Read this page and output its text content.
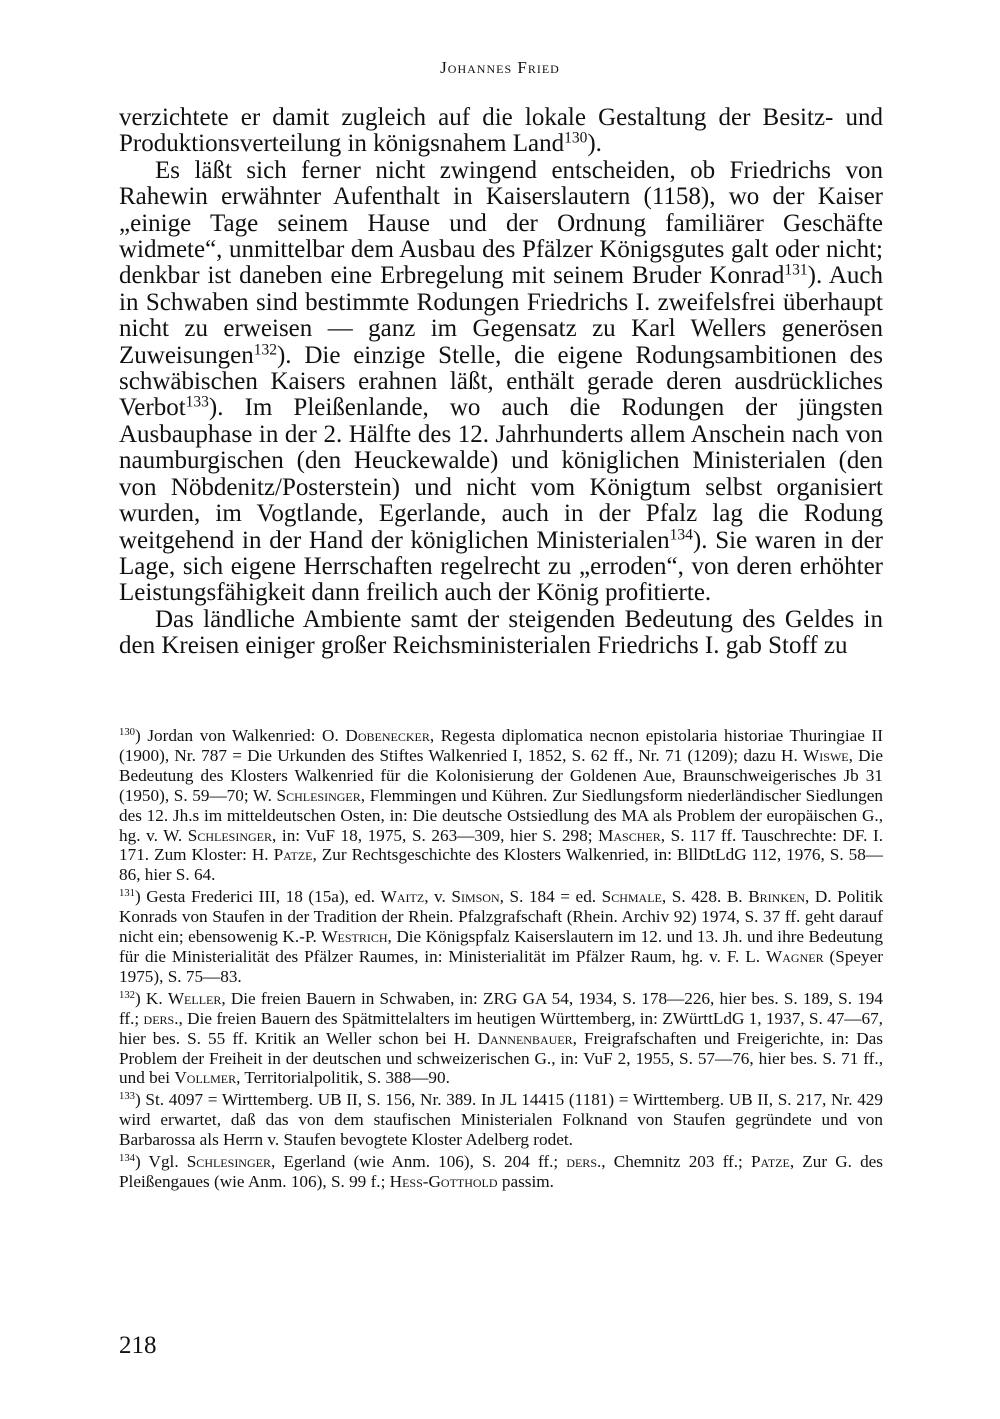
Johannes Fried

verzichtete er damit zugleich auf die lokale Gestaltung der Besitz- und Produktionsverteilung in königsnahem Land$^{130}$).

Es läßt sich ferner nicht zwingend entscheiden, ob Friedrichs von Rahewin erwähnter Aufenthalt in Kaiserslautern (1158), wo der Kaiser „einige Tage seinem Hause und der Ordnung familiärer Geschäfte widmete“, unmittelbar dem Ausbau des Pfälzer Königsgutes galt oder nicht; denkbar ist daneben eine Erbregelung mit seinem Bruder Konrad$^{131}$). Auch in Schwaben sind bestimmte Rodungen Friedrichs I. zweifelsfrei überhaupt nicht zu erweisen — ganz im Gegensatz zu Karl Wellers generösen Zuweisungen$^{132}$). Die einzige Stelle, die eigene Rodungsambitionen des schwäbischen Kaisers erahnen läßt, enthält gerade deren ausdrückliches Verbot$^{133}$). Im Pleißenlande, wo auch die Rodungen der jüngsten Ausbauphase in der 2. Hälfte des 12. Jahrhunderts allem Anschein nach von naumburgischen (den Heuckewalde) und königlichen Ministerialen (den von Nöbdenitz/Posterstein) und nicht vom Königtum selbst organisiert wurden, im Vogtlande, Egerlande, auch in der Pfalz lag die Rodung weitgehend in der Hand der königlichen Ministerialen$^{134}$). Sie waren in der Lage, sich eigene Herrschaften regelrecht zu „erroden“, von deren erhöhter Leistungsfähigkeit dann freilich auch der König profitierte.

Das ländliche Ambiente samt der steigenden Bedeutung des Geldes in den Kreisen einiger großer Reichsministerialen Friedrichs I. gab Stoff zu

$^{130}$) Jordan von Walkenried: O. Dobenecker, Regesta diplomatica necnon epistolaria historiae Thuringiae II (1900), Nr. 787 = Die Urkunden des Stiftes Walkenried I, 1852, S. 62 ff., Nr. 71 (1209); dazu H. Wiswe, Die Bedeutung des Klosters Walkenried für die Kolonisierung der Goldenen Aue, Braunschweigerisches Jb 31 (1950), S. 59—70; W. Schlesinger, Flemmingen und Kühren. Zur Siedlungsform niederländischer Siedlungen des 12. Jh.s im mitteldeutschen Osten, in: Die deutsche Ostsiedlung des MA als Problem der europäischen G., hg. v. W. Schlesinger, in: VuF 18, 1975, S. 263—309, hier S. 298; Mascher, S. 117 ff. Tauschrechte: DF. I. 171. Zum Kloster: H. Patze, Zur Rechtsgeschichte des Klosters Walkenried, in: BllDtLdG 112, 1976, S. 58—86, hier S. 64.

$^{131}$) Gesta Frederici III, 18 (15a), ed. Waitz, v. Simson, S. 184 = ed. Schmale, S. 428. B. Brinken, D. Politik Konrads von Staufen in der Tradition der Rhein. Pfalzgrafschaft (Rhein. Archiv 92) 1974, S. 37 ff. geht darauf nicht ein; ebensowenig K.-P. Westrich, Die Königspfalz Kaiserslautern im 12. und 13. Jh. und ihre Bedeutung für die Ministerialität des Pfälzer Raumes, in: Ministerialität im Pfälzer Raum, hg. v. F. L. Wagner (Speyer 1975), S. 75—83.

$^{132}$) K. Weller, Die freien Bauern in Schwaben, in: ZRG GA 54, 1934, S. 178—226, hier bes. S. 189, S. 194 ff.; ders., Die freien Bauern des Spätmittelalters im heutigen Württemberg, in: ZWürttLdG 1, 1937, S. 47—67, hier bes. S. 55 ff. Kritik an Weller schon bei H. Dannenbauer, Freigrafschaften und Freigerichte, in: Das Problem der Freiheit in der deutschen und schweizerischen G., in: VuF 2, 1955, S. 57—76, hier bes. S. 71 ff., und bei Vollmer, Territorialpolitik, S. 388—90.

$^{133}$) St. 4097 = Wirttemberg. UB II, S. 156, Nr. 389. In JL 14415 (1181) = Wirttemberg. UB II, S. 217, Nr. 429 wird erwartet, daß das von dem staufischen Ministerialen Folknand von Staufen gegründete und von Barbarossa als Herrn v. Staufen bevogtete Kloster Adelberg rodet.

$^{134}$) Vgl. Schlesinger, Egerland (wie Anm. 106), S. 204 ff.; ders., Chemnitz 203 ff.; Patze, Zur G. des Pleißengaues (wie Anm. 106), S. 99 f.; Hess-Gotthold passim.

218
